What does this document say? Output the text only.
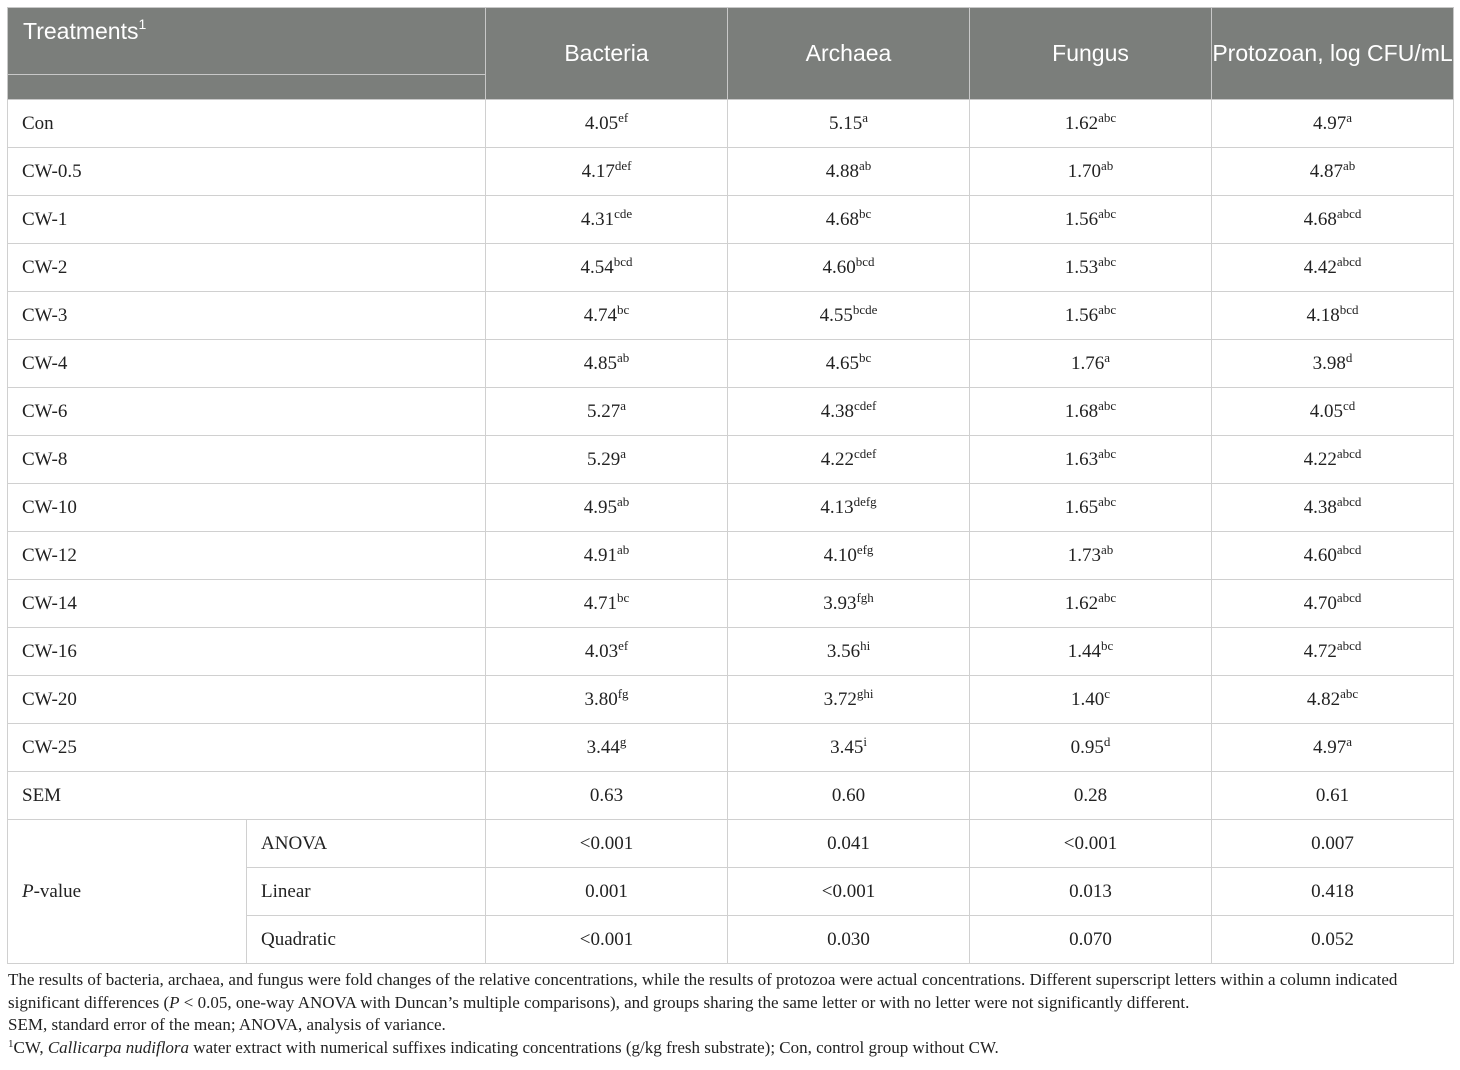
Treatments$^1$		Bacteria	Archaea	Fungus	Protozoan, log CFU/mL
Con		4.05$^{ef}$	5.15$^a$	1.62$^{abc}$	4.97$^a$
CW-0.5		4.17$^{def}$	4.88$^{ab}$	1.70$^{ab}$	4.87$^{ab}$
CW-1		4.31$^{cde}$	4.68$^{bc}$	1.56$^{abc}$	$4.68^{abcd}$
CW-2		4.54$^{bcd}$	4.60$^{bcd}$	1.53$^{abc}$	$4.42^{abcd}$
CW-3		4.74$^{bc}$	$4.55^{bcde}$	1.56$^{abc}$	4.18$^{bcd}$
CW-4		4.85$^{ab}$	4.65$^{bc}$	1.76$^a$	3.98$^d$
CW-6		5.27$^a$	$4.38^{cdef}$	1.68$^{abc}$	4.05$^{cd}$
CW-8		5.29$^a$	$4.22^{cdef}$	1.63$^{abc}$	$4.22^{abcd}$
CW-10		4.95$^{ab}$	$4.13^{defg}$	1.65$^{abc}$	$4.38^{abcd}$
CW-12		4.91$^{ab}$	4.10$^{efg}$	1.73$^{ab}$	$4.60^{abcd}$
CW-14		4.71$^{bc}$	3.93$^{fgh}$	1.62$^{abc}$	$4.70^{abcd}$
CW-16		4.03$^{ef}$	$3.56^{hi}$	1.44$^{bc}$	$4.72^{abcd}$
CW-20		3.80$^{fg}$	$3.72^{ghi}$	1.40$^c$	4.82$^{abc}$
CW-25		3.44$^g$	3.45$^i$	0.95$^d$	4.97$^a$
SEM		0.63	0.60	0.28	0.61
P-value	ANOVA	<0.001	0.041	<0.001	0.007
	Linear	0.001	<0.001	0.013	0.418
	Quadratic	<0.001	0.030	0.070	0.052

The results of bacteria, archaea, and fungus were fold changes of the relative concentrations, while the results of protozoa were actual concentrations. Different superscript letters within a column indicated significant differences (P < 0.05, one-way ANOVA with Duncan’s multiple comparisons), and groups sharing the same letter or with no letter were not significantly different.

SEM, standard error of the mean; ANOVA, analysis of variance.

$^1$CW, Callicarpa nudiflora water extract with numerical suffixes indicating concentrations (g/kg fresh substrate); Con, control group without CW.
